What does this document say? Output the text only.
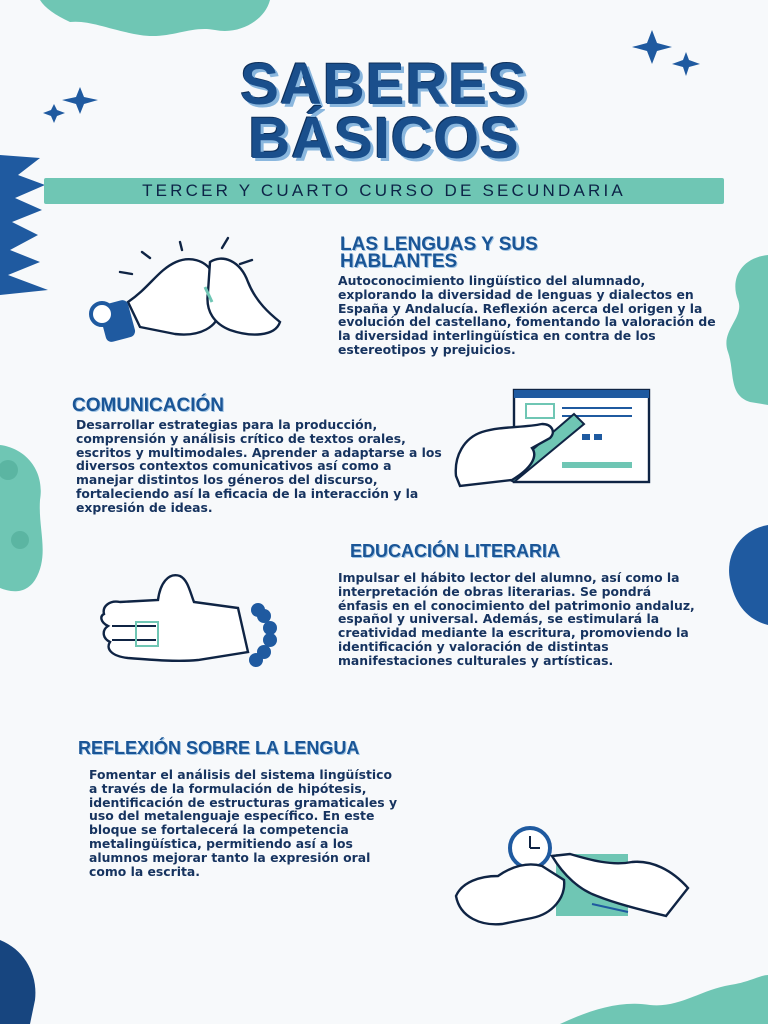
SABERES
BÁSICOS
TERCER Y CUARTO CURSO DE SECUNDARIA
LAS LENGUAS Y SUS HABLANTES
Autoconocimiento lingüístico del alumnado, explorando la diversidad de lenguas y dialectos en España y Andalucía. Reflexión acerca del origen y la evolución del castellano, fomentando la valoración de la diversidad interlingüística en contra de los estereotipos y prejuicios.
COMUNICACIÓN
Desarrollar estrategias para la producción, comprensión y análisis crítico de textos orales, escritos y multimodales. Aprender a adaptarse a los diversos contextos comunicativos así como a manejar distintos los géneros del discurso, fortaleciendo así la eficacia de la interacción y la expresión de ideas.
EDUCACIÓN LITERARIA
Impulsar el hábito lector del alumno, así como la interpretación de obras literarias. Se pondrá énfasis en el conocimiento del patrimonio andaluz, español y universal. Además, se estimulará la creatividad mediante la escritura, promoviendo la identificación y valoración de distintas manifestaciones culturales y artísticas.
REFLEXIÓN SOBRE LA LENGUA
Fomentar el análisis del sistema lingüístico a través de la formulación de hipótesis, identificación de estructuras gramaticales y uso del metalenguaje específico. En este bloque se fortalecerá la competencia metalingüística, permitiendo así a los alumnos mejorar tanto la expresión oral como la escrita.
